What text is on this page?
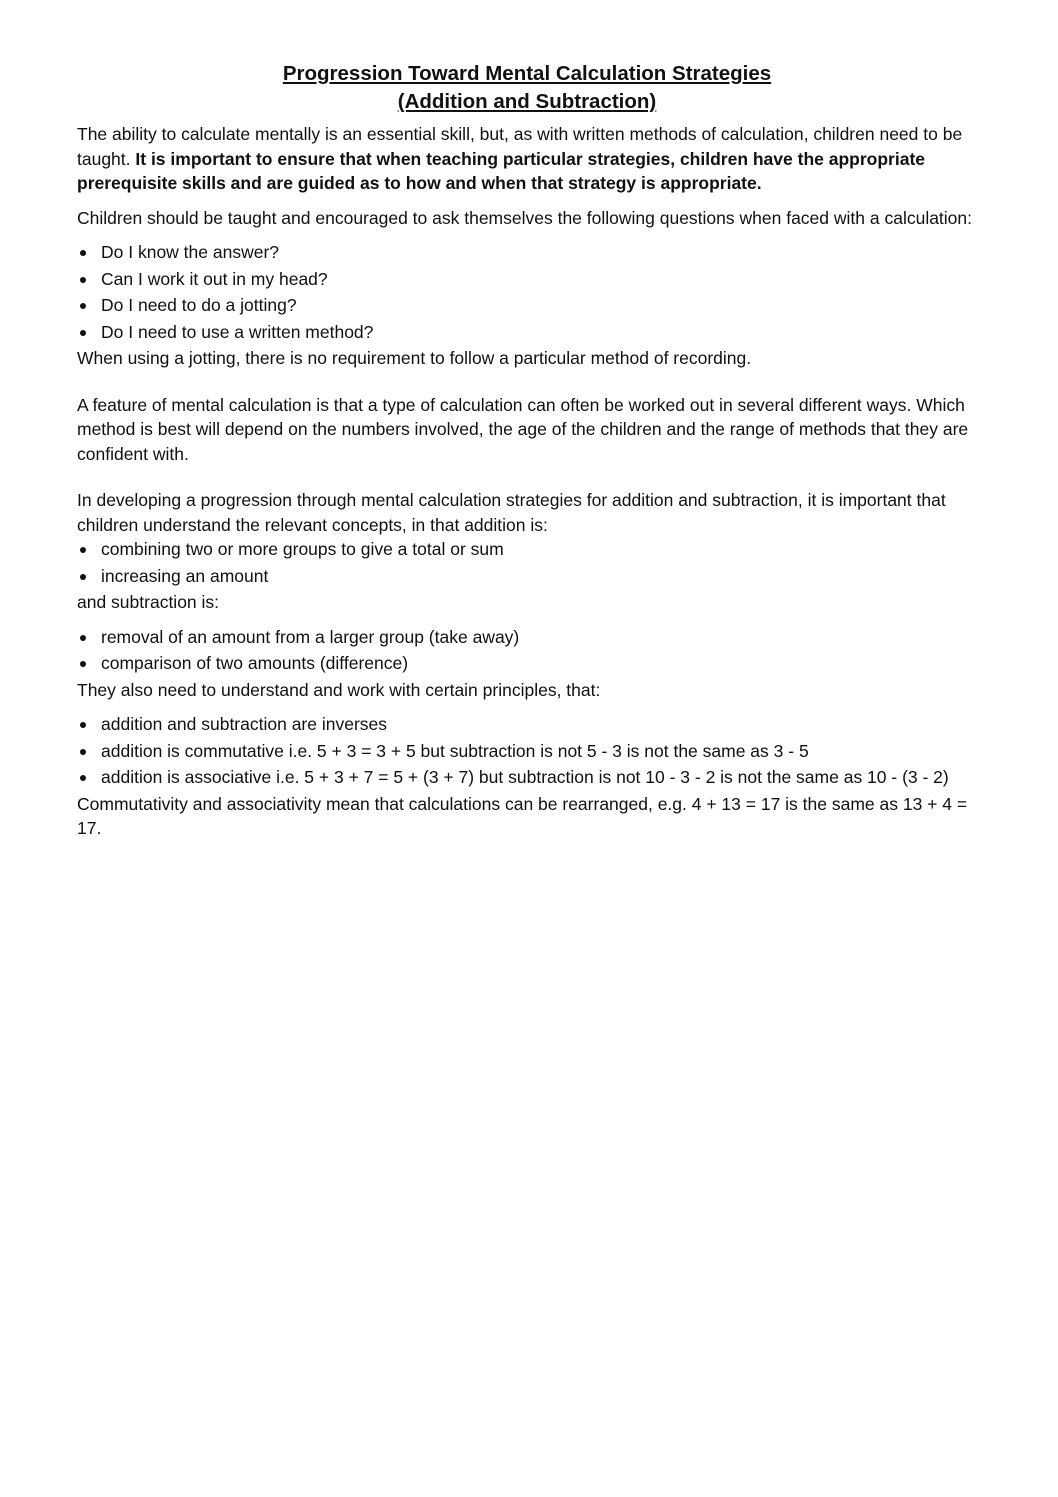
Progression Toward Mental Calculation Strategies
(Addition and Subtraction)

The ability to calculate mentally is an essential skill, but, as with written methods of calculation, children need to be taught. It is important to ensure that when teaching particular strategies, children have the appropriate prerequisite skills and are guided as to how and when that strategy is appropriate.

Children should be taught and encouraged to ask themselves the following questions when faced with a calculation:

Do I know the answer?
Can I work it out in my head?
Do I need to do a jotting?
Do I need to use a written method?

When using a jotting, there is no requirement to follow a particular method of recording.

A feature of mental calculation is that a type of calculation can often be worked out in several different ways. Which method is best will depend on the numbers involved, the age of the children and the range of methods that they are confident with.

In developing a progression through mental calculation strategies for addition and subtraction, it is important that children understand the relevant concepts, in that addition is:

combining two or more groups to give a total or sum
increasing an amount

and subtraction is:

removal of an amount from a larger group (take away)
comparison of two amounts (difference)

They also need to understand and work with certain principles, that:

addition and subtraction are inverses
addition is commutative i.e. 5 + 3 = 3 + 5 but subtraction is not 5 - 3 is not the same as 3 - 5
addition is associative i.e. 5 + 3 + 7 = 5 + (3 + 7) but subtraction is not 10 - 3 - 2 is not the same as 10 - (3 - 2)

Commutativity and associativity mean that calculations can be rearranged, e.g. 4 + 13 = 17 is the same as 13 + 4 = 17.
